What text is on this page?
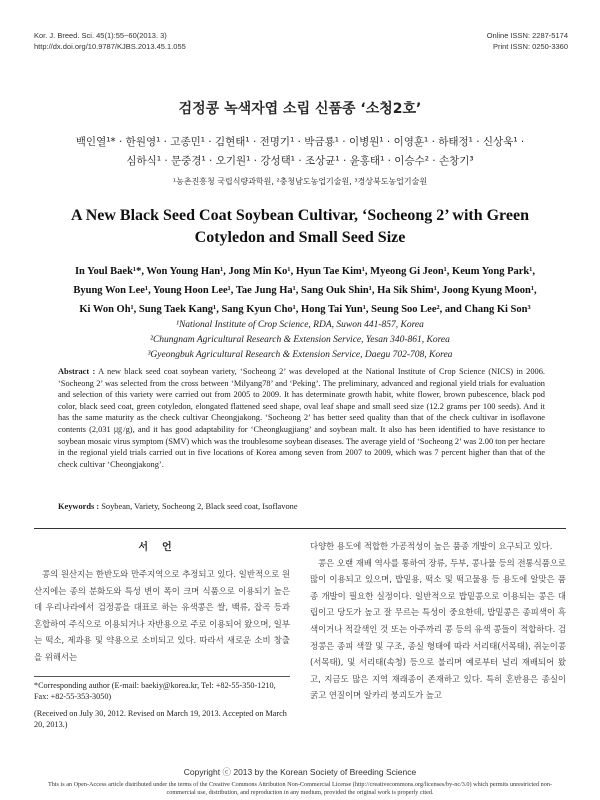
Kor. J. Breed. Sci. 45(1):55~60(2013. 3)
http://dx.doi.org/10.9787/KJBS.2013.45.1.055
Online ISSN: 2287-5174
Print ISSN: 0250-3360
검정콩 녹색자엽 소립 신품종 ‘소청2호’
백인열¹* · 한원영¹ · 고종민¹ · 김현태¹ · 전명기¹ · 박금룡¹ · 이병원¹ · 이영훈¹ · 하태정¹ · 신상욱¹ ·
심하식¹ · 문중경¹ · 오기원¹ · 강성택¹ · 조상균¹ · 윤홍태¹ · 이승수² · 손창기³
¹농촌진흥청 국립식량과학원, ²충청남도농업기술원, ³경상북도농업기술원
A New Black Seed Coat Soybean Cultivar, ‘Socheong 2’ with Green Cotyledon and Small Seed Size
In Youl Baek¹*, Won Young Han¹, Jong Min Ko¹, Hyun Tae Kim¹, Myeong Gi Jeon¹, Keum Yong Park¹,
Byung Won Lee¹, Young Hoon Lee¹, Tae Jung Ha¹, Sang Ouk Shin¹, Ha Sik Shim¹, Joong Kyung Moon¹,
Ki Won Oh¹, Sung Taek Kang¹, Sang Kyun Cho¹, Hong Tai Yun¹, Seung Soo Lee², and Chang Ki Son³
¹National Institute of Crop Science, RDA, Suwon 441-857, Korea
²Chungnam Agricultural Research & Extension Service, Yesan 340-861, Korea
³Gyeongbuk Agricultural Research & Extension Service, Daegu 702-708, Korea
Abstract : A new black seed coat soybean variety, ‘Socheong 2’ was developed at the National Institute of Crop Science (NICS) in 2006. ‘Socheong 2’ was selected from the cross between ‘Milyang78’ and ‘Peking’. The preliminary, advanced and regional yield trials for evaluation and selection of this variety were carried out from 2005 to 2009. It has determinate growth habit, white flower, brown pubescence, black pod color, black seed coat, green cotyledon, elongated flattened seed shape, oval leaf shape and small seed size (12.2 grams per 100 seeds). And it has the same maturity as the check cultivar Cheongjakong. ‘Socheong 2’ has better seed quality than that of the check cultivar in isoflavone contents (2,031 ㎍/g), and it has good adaptability for ‘Cheongkugjiang’ and soybean malt. It also has been identified to have resistance to soybean mosaic virus symptom (SMV) which was the troublesome soybean diseases. The average yield of ‘Socheong 2’ was 2.00 ton per hectare in the regional yield trials carried out in five locations of Korea among seven from 2007 to 2009, which was 7 percent higher than that of the check cultivar ‘Cheongjakong’.
Keywords : Soybean, Variety, Socheong 2, Black seed coat, Isoflavone
서언
콩의 원산지는 한반도와 만주지역으로 추정되고 있다. 일반적으로 원산지에는 종의 분화도와 특성 변이 폭이 크며 식품으로 이용되기 높은데 우리나라에서 검정콩을 대표로 하는 유색콩은 쌀, 백류, 잡곡 등과 혼합하여 주식으로 이용되거나 자반용으로 주로 이용되어 왔으며, 일부는 떡소, 제과용 및 약용으로 소비되고 있다. 따라서 새로운 소비 창출을 위해서는

다양한 용도에 적합한 가공적성이 높은 품종 개발이 요구되고 있다.

콩은 오랜 재배 역사를 통하여 장류, 두부, 콩나물 등의 전통식품으로 많이 이용되고 있으며, 밥밑용, 떡소 및 떡고물용 등 용도에 알맞은 품종 개발이 필요한 실정이다. 일반적으로 밥밑콩으로 이용되는 콩은 대립이고 당도가 높고 잘 무르는 특성이 중요한데, 밥밑콩은 종피색이 흑색이거나 적갈색인 것 또는 아주까리 콩 등의 유색 콩들이 적합하다. 검정콩은 종피 색깔 및 구조, 종실 형태에 따라 서리태(서목태), 쥐눈이콩(서목태), 및 서리태(속청) 등으로 불리며 예로부터 널리 재배되어 왔고, 지금도 많은 지역 재래종이 존재하고 있다. 특히 혼반용은 종실이 굵고 연질이며 알카리 붕괴도가 높고

*Corresponding author (E-mail: baekiy@korea.kr, Tel: +82-55-350-1210, Fax: +82-55-353-3050)

(Received on July 30, 2012. Revised on March 19, 2013. Accepted on March 20, 2013.)

Copyright ⓒ 2013 by the Korean Society of Breeding Science
This is an Open-Access article distributed under the terms of the Creative Commons Attribution Non-Commercial License (http://creativecommons.org/licenses/by-nc/3.0) which permits unrestricted non-commercial use, distribution, and reproduction in any medium, provided the original work is properly cited.
